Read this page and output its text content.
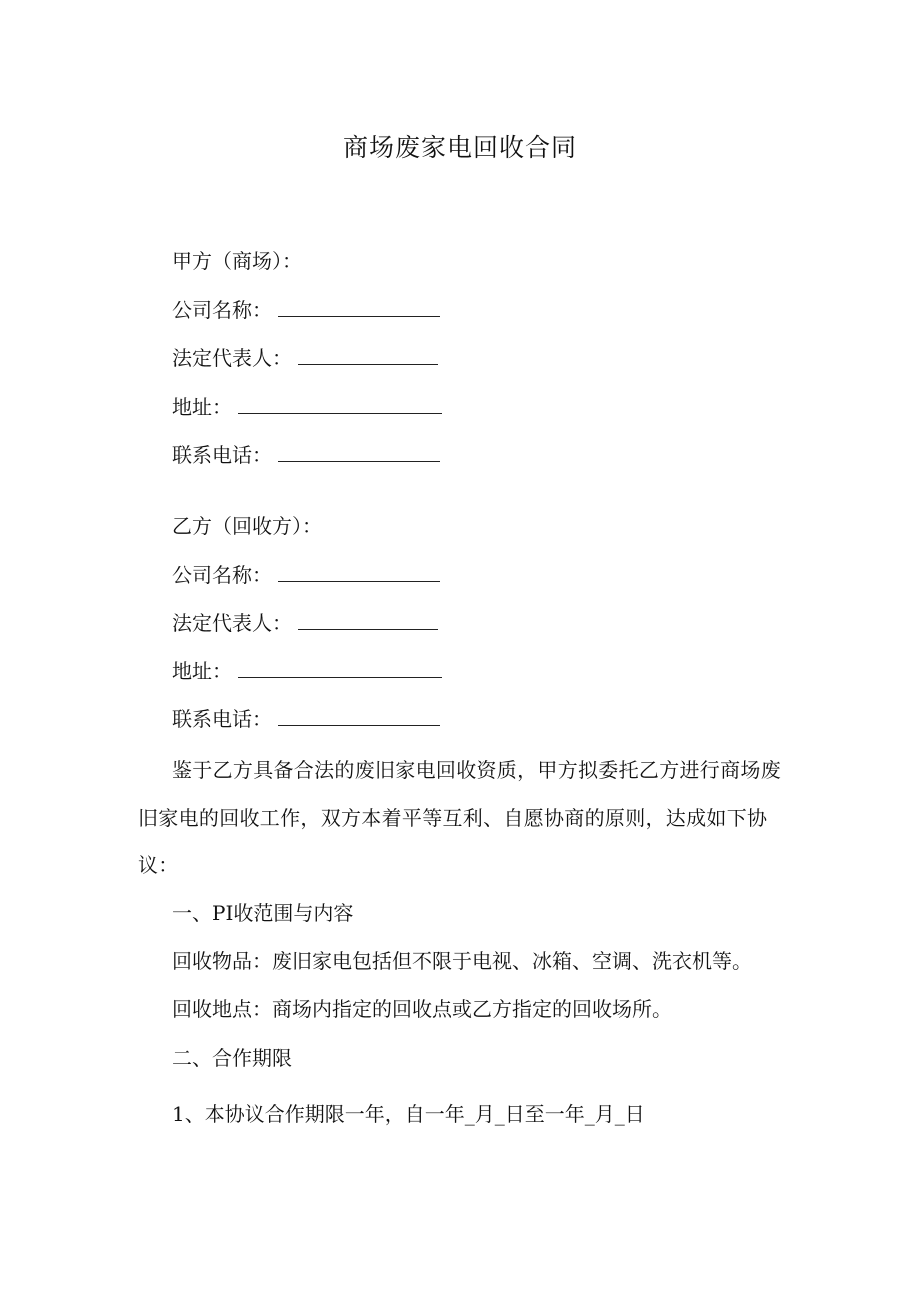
商场废家电回收合同
甲方（商场）：
公司名称：
法定代表人：
地址：
联系电话：
乙方（回收方）：
公司名称：
法定代表人：
地址：
联系电话：
鉴于乙方具备合法的废旧家电回收资质，甲方拟委托乙方进行商场废旧家电的回收工作，双方本着平等互利、自愿协商的原则，达成如下协议：
一、PI收范围与内容
回收物品：废旧家电包括但不限于电视、冰箱、空调、洗衣机等。
回收地点：商场内指定的回收点或乙方指定的回收场所。
二、合作期限
1、本协议合作期限一年，自一年_月_日至一年_月_日
